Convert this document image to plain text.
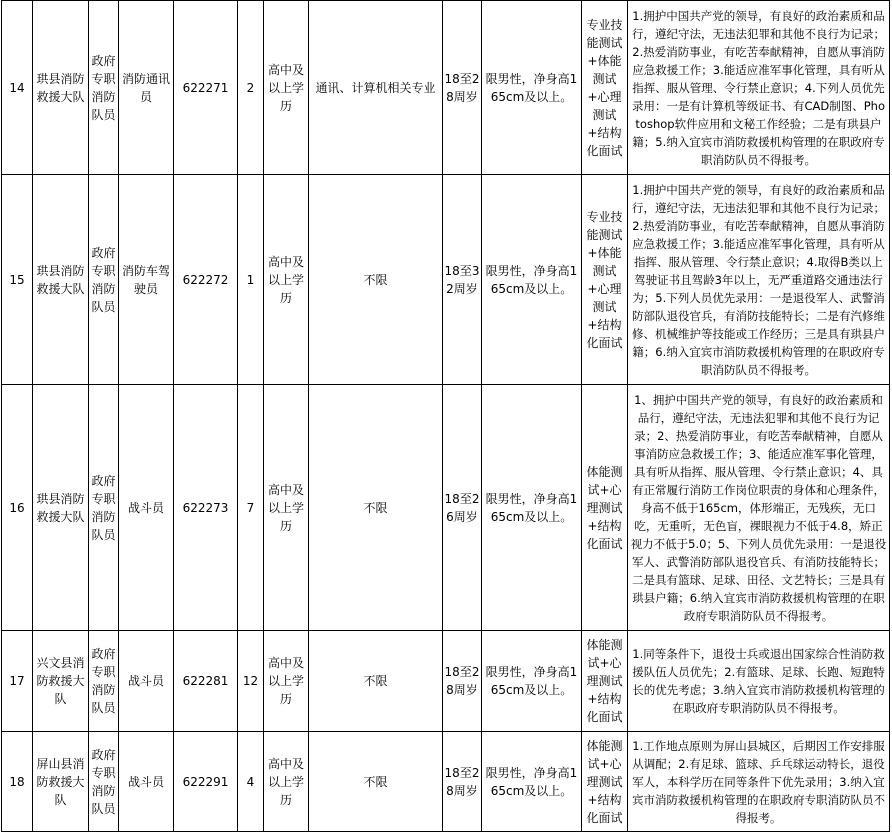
14	珙县消防救援大队	政府专职消防队员	消防通讯员	622271	2	高中及以上学历	通讯、计算机相关专业	18至28周岁	限男性，净身高165cm及以上。	专业技能测试+体能测试+心理测试+结构化面试	1.拥护中国共产党的领导，有良好的政治素质和品行，遵纪守法，无违法犯罪和其他不良行为记录；2.热爱消防事业，有吃苦奉献精神，自愿从事消防应急救援工作；3.能适应准军事化管理，具有听从指挥、服从管理、令行禁止意识；4.下列人员优先录用：一是有计算机等级证书、有CAD制图、Photoshop软件应用和文秘工作经验；二是有珙县户籍；5.纳入宜宾市消防救援机构管理的在职政府专职消防队员不得报考。
15	珙县消防救援大队	政府专职消防队员	消防车驾驶员	622272	1	高中及以上学历	不限	18至32周岁	限男性，净身高165cm及以上。	专业技能测试+体能测试+心理测试+结构化面试	1.拥护中国共产党的领导，有良好的政治素质和品行，遵纪守法，无违法犯罪和其他不良行为记录；2.热爱消防事业，有吃苦奉献精神，自愿从事消防应急救援工作；3.能适应准军事化管理，具有听从指挥、服从管理、令行禁止意识；4.取得B类以上驾驶证书且驾龄3年以上，无严重道路交通违法行为；5.下列人员优先录用：一是退役军人、武警消防部队退役官兵，有消防技能特长；二是有汽修维修、机械维护等技能或工作经历；三是具有珙县户籍；6.纳入宜宾市消防救援机构管理的在职政府专职消防队员不得报考。
16	珙县消防救援大队	政府专职消防队员	战斗员	622273	7	高中及以上学历	不限	18至26周岁	限男性，净身高165cm及以上。	体能测试+心理测试+结构化面试	1、拥护中国共产党的领导，有良好的政治素质和品行，遵纪守法，无违法犯罪和其他不良行为记录；2、热爱消防事业，有吃苦奉献精神，自愿从事消防应急救援工作；3、能适应准军事化管理，具有听从指挥、服从管理、令行禁止意识；4、具有正常履行消防工作岗位职责的身体和心理条件，身高不低于165cm，体形端正，无残疾，无口吃，无重听，无色盲，裸眼视力不低于4.8，矫正视力不低于5.0；5、下列人员优先录用：一是退役军人、武警消防部队退役官兵、有消防技能特长；二是具有篮球、足球、田径、文艺特长；三是具有珙县户籍；6.纳入宜宾市消防救援机构管理的在职政府专职消防队员不得报考。
17	兴文县消防救援大队	政府专职消防队员	战斗员	622281	12	高中及以上学历	不限	18至28周岁	限男性，净身高165cm及以上。	体能测试+心理测试+结构化面试	1.同等条件下，退役士兵或退出国家综合性消防救援队伍人员优先；2.有篮球、足球、长跑、短跑特长的优先考虑；3.纳入宜宾市消防救援机构管理的在职政府专职消防队员不得报考。
18	屏山县消防救援大队	政府专职消防队员	战斗员	622291	4	高中及以上学历	不限	18至28周岁	限男性，净身高165cm及以上。	体能测试+心理测试+结构化面试	1.工作地点原则为屏山县城区，后期因工作安排服从调配；2.有足球、篮球、乒乓球运动特长，退役军人，本科学历在同等条件下优先录用；3.纳入宜宾市消防救援机构管理的在职政府专职消防队员不得报考。
